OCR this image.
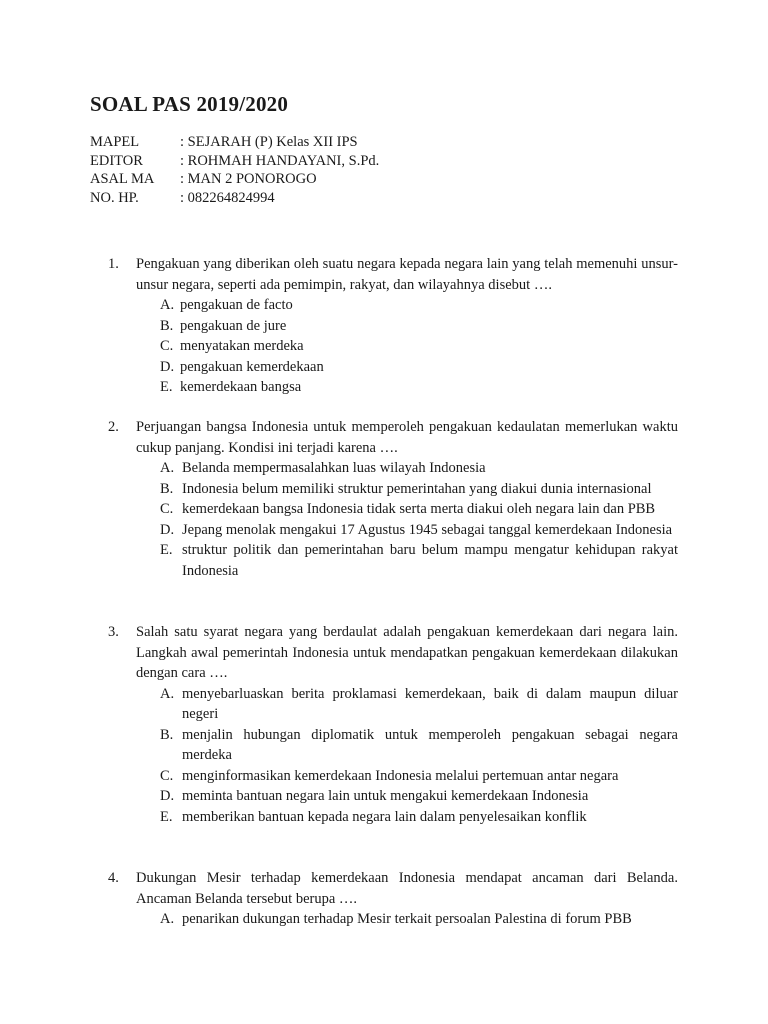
SOAL PAS 2019/2020
MAPEL	: SEJARAH (P) Kelas XII IPS
EDITOR	: ROHMAH HANDAYANI, S.Pd.
ASAL MA	: MAN 2 PONOROGO
NO. HP.	: 082264824994
1.	Pengakuan yang diberikan oleh suatu negara kepada negara lain yang telah memenuhi unsur-unsur negara, seperti ada pemimpin, rakyat, dan wilayahnya disebut ….
A. pengakuan de facto
B. pengakuan de jure
C. menyatakan merdeka
D. pengakuan kemerdekaan
E. kemerdekaan bangsa
2.	Perjuangan bangsa Indonesia untuk memperoleh pengakuan kedaulatan memerlukan waktu cukup panjang. Kondisi ini terjadi karena ….
A. Belanda mempermasalahkan luas wilayah Indonesia
B. Indonesia belum memiliki struktur pemerintahan yang diakui dunia internasional
C. kemerdekaan bangsa Indonesia tidak serta merta diakui oleh negara lain dan PBB
D. Jepang menolak mengakui 17 Agustus 1945 sebagai tanggal kemerdekaan Indonesia
E. struktur politik dan pemerintahan baru belum mampu mengatur kehidupan rakyat Indonesia
3.	Salah satu syarat negara yang berdaulat adalah pengakuan kemerdekaan dari negara lain. Langkah awal pemerintah Indonesia untuk mendapatkan pengakuan kemerdekaan dilakukan dengan cara ….
A. menyebarluaskan berita proklamasi kemerdekaan, baik di dalam maupun diluar negeri
B. menjalin hubungan diplomatik untuk memperoleh pengakuan sebagai negara merdeka
C. menginformasikan kemerdekaan Indonesia melalui pertemuan antar negara
D. meminta bantuan negara lain untuk mengakui kemerdekaan Indonesia
E. memberikan bantuan kepada negara lain dalam penyelesaikan konflik
4.	Dukungan Mesir terhadap kemerdekaan Indonesia mendapat ancaman dari Belanda. Ancaman Belanda tersebut berupa ….
A. penarikan dukungan terhadap Mesir terkait persoalan Palestina di forum PBB
